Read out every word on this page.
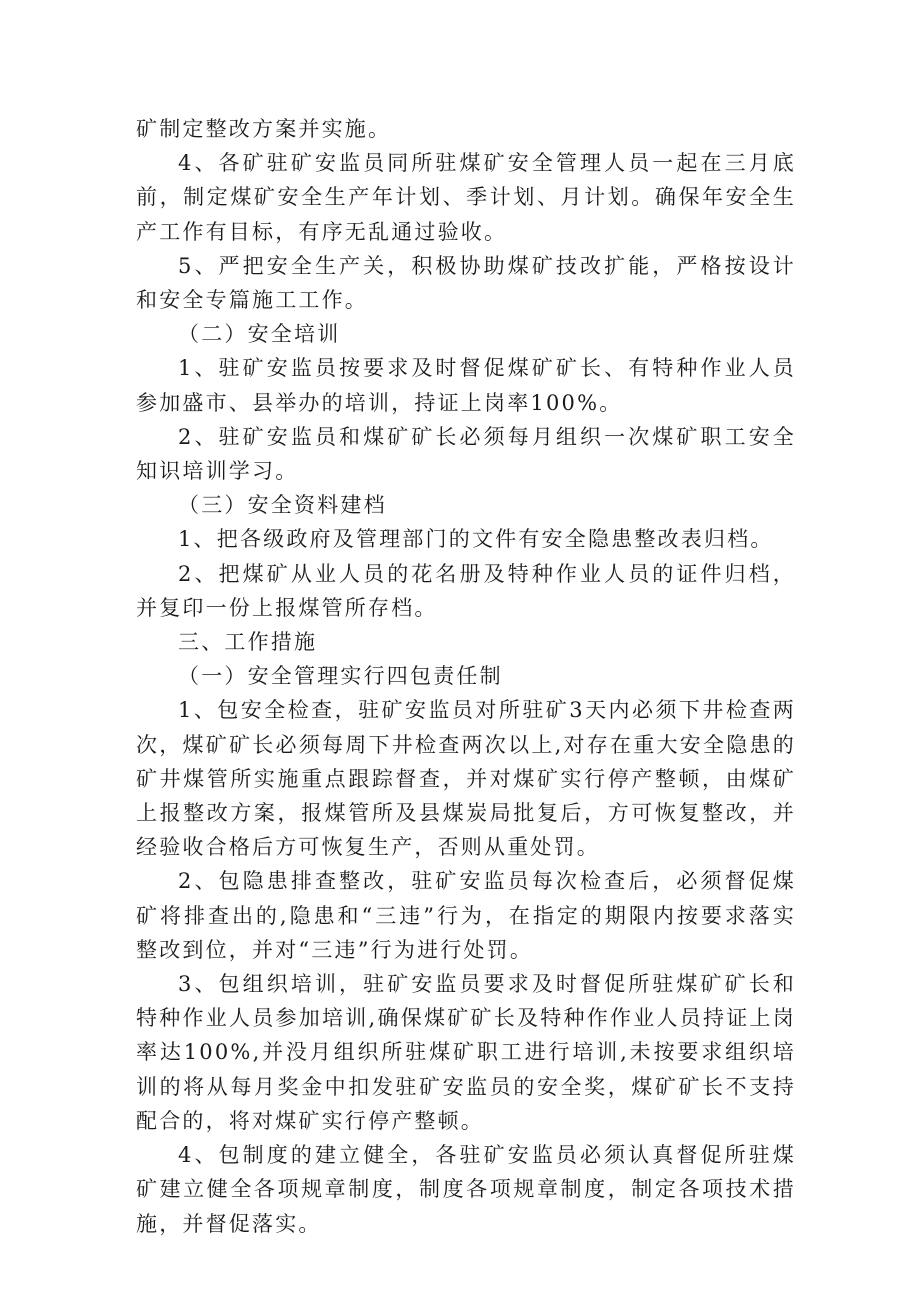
矿制定整改方案并实施。

4、各矿驻矿安监员同所驻煤矿安全管理人员一起在三月底前，制定煤矿安全生产年计划、季计划、月计划。确保年安全生产工作有目标，有序无乱通过验收。

5、严把安全生产关，积极协助煤矿技改扩能，严格按设计和安全专篇施工工作。

（二）安全培训

1、驻矿安监员按要求及时督促煤矿矿长、有特种作业人员参加盛市、县举办的培训，持证上岗率100%。

2、驻矿安监员和煤矿矿长必须每月组织一次煤矿职工安全知识培训学习。

（三）安全资料建档

1、把各级政府及管理部门的文件有安全隐患整改表归档。

2、把煤矿从业人员的花名册及特种作业人员的证件归档，并复印一份上报煤管所存档。

三、工作措施

（一）安全管理实行四包责任制

1、包安全检查，驻矿安监员对所驻矿3天内必须下井检查两次，煤矿矿长必须每周下井检查两次以上,对存在重大安全隐患的矿井煤管所实施重点跟踪督查，并对煤矿实行停产整顿，由煤矿上报整改方案，报煤管所及县煤炭局批复后，方可恢复整改，并经验收合格后方可恢复生产，否则从重处罚。

2、包隐患排查整改，驻矿安监员每次检查后，必须督促煤矿将排查出的,隐患和“三违”行为，在指定的期限内按要求落实整改到位，并对“三违”行为进行处罚。

3、包组织培训，驻矿安监员要求及时督促所驻煤矿矿长和特种作业人员参加培训,确保煤矿矿长及特种作作业人员持证上岗率达100%,并没月组织所驻煤矿职工进行培训,未按要求组织培训的将从每月奖金中扣发驻矿安监员的安全奖，煤矿矿长不支持配合的，将对煤矿实行停产整顿。

4、包制度的建立健全，各驻矿安监员必须认真督促所驻煤矿建立健全各项规章制度，制度各项规章制度，制定各项技术措施，并督促落实。
